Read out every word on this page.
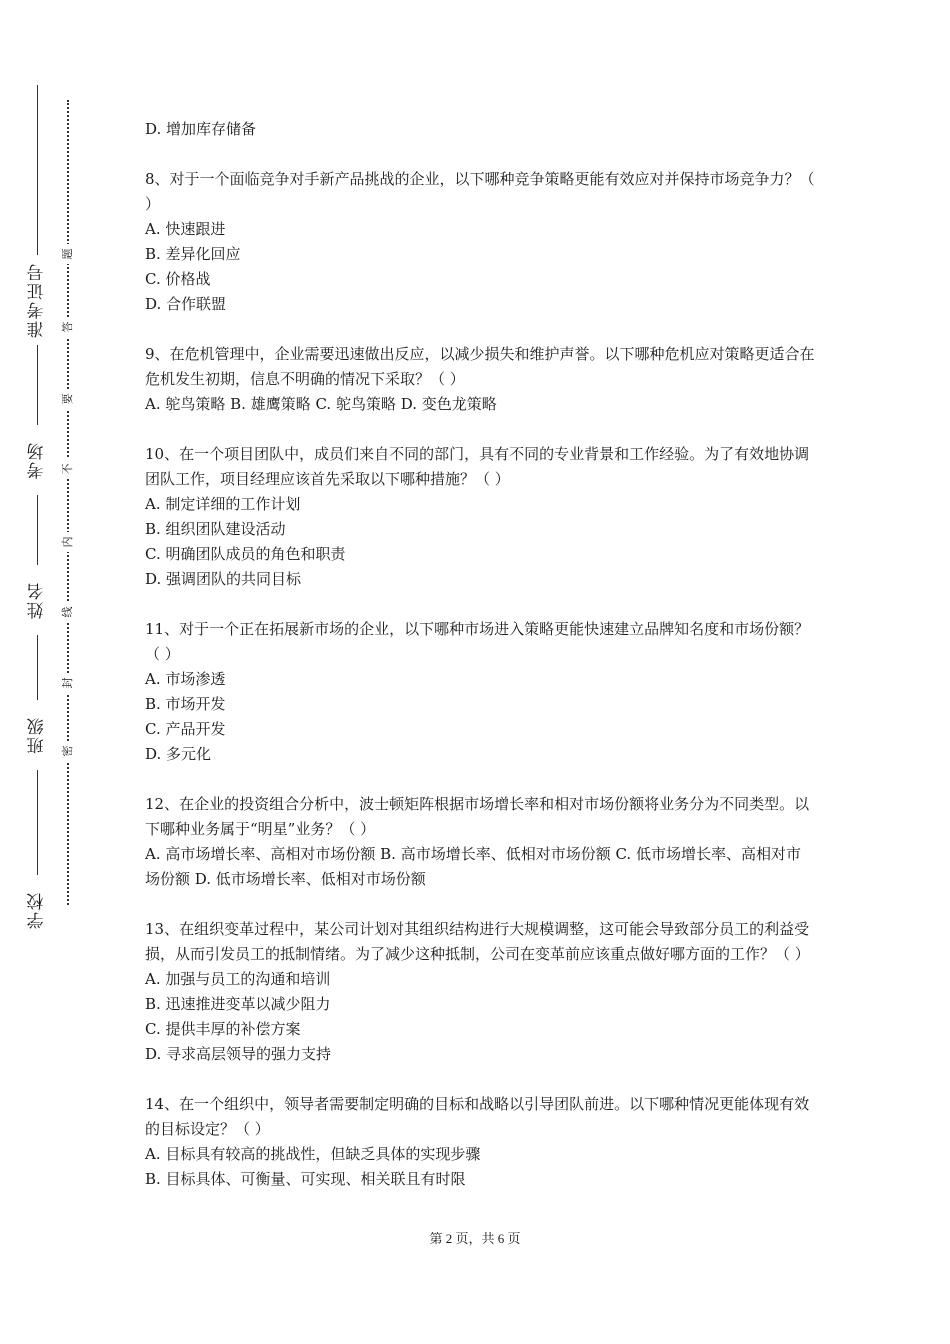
学校
班级
姓名
考场
准考证号
密
封
线
内
不
要
答
题

D. 增加库存储备

8、对于一个面临竞争对手新产品挑战的企业，以下哪种竞争策略更能有效应对并保持市场竞争力？（ ）

A. 快速跟进

B. 差异化回应

C. 价格战

D. 合作联盟

9、在危机管理中，企业需要迅速做出反应，以减少损失和维护声誉。以下哪种危机应对策略更适合在危机发生初期，信息不明确的情况下采取？（ ）

A. 鸵鸟策略 B. 雄鹰策略 C. 鸵鸟策略 D. 变色龙策略

10、在一个项目团队中，成员们来自不同的部门，具有不同的专业背景和工作经验。为了有效地协调团队工作，项目经理应该首先采取以下哪种措施？（ ）

A. 制定详细的工作计划

B. 组织团队建设活动

C. 明确团队成员的角色和职责

D. 强调团队的共同目标

11、对于一个正在拓展新市场的企业，以下哪种市场进入策略更能快速建立品牌知名度和市场份额？（ ）

A. 市场渗透

B. 市场开发

C. 产品开发

D. 多元化

12、在企业的投资组合分析中，波士顿矩阵根据市场增长率和相对市场份额将业务分为不同类型。以下哪种业务属于“明星”业务？（ ）

A. 高市场增长率、高相对市场份额 B. 高市场增长率、低相对市场份额 C. 低市场增长率、高相对市场份额 D. 低市场增长率、低相对市场份额

13、在组织变革过程中，某公司计划对其组织结构进行大规模调整，这可能会导致部分员工的利益受损，从而引发员工的抵制情绪。为了减少这种抵制，公司在变革前应该重点做好哪方面的工作？（ ）

A. 加强与员工的沟通和培训

B. 迅速推进变革以减少阻力

C. 提供丰厚的补偿方案

D. 寻求高层领导的强力支持

14、在一个组织中，领导者需要制定明确的目标和战略以引导团队前进。以下哪种情况更能体现有效的目标设定？（ ）

A. 目标具有较高的挑战性，但缺乏具体的实现步骤

B. 目标具体、可衡量、可实现、相关联且有时限

第 2 页，共 6 页
